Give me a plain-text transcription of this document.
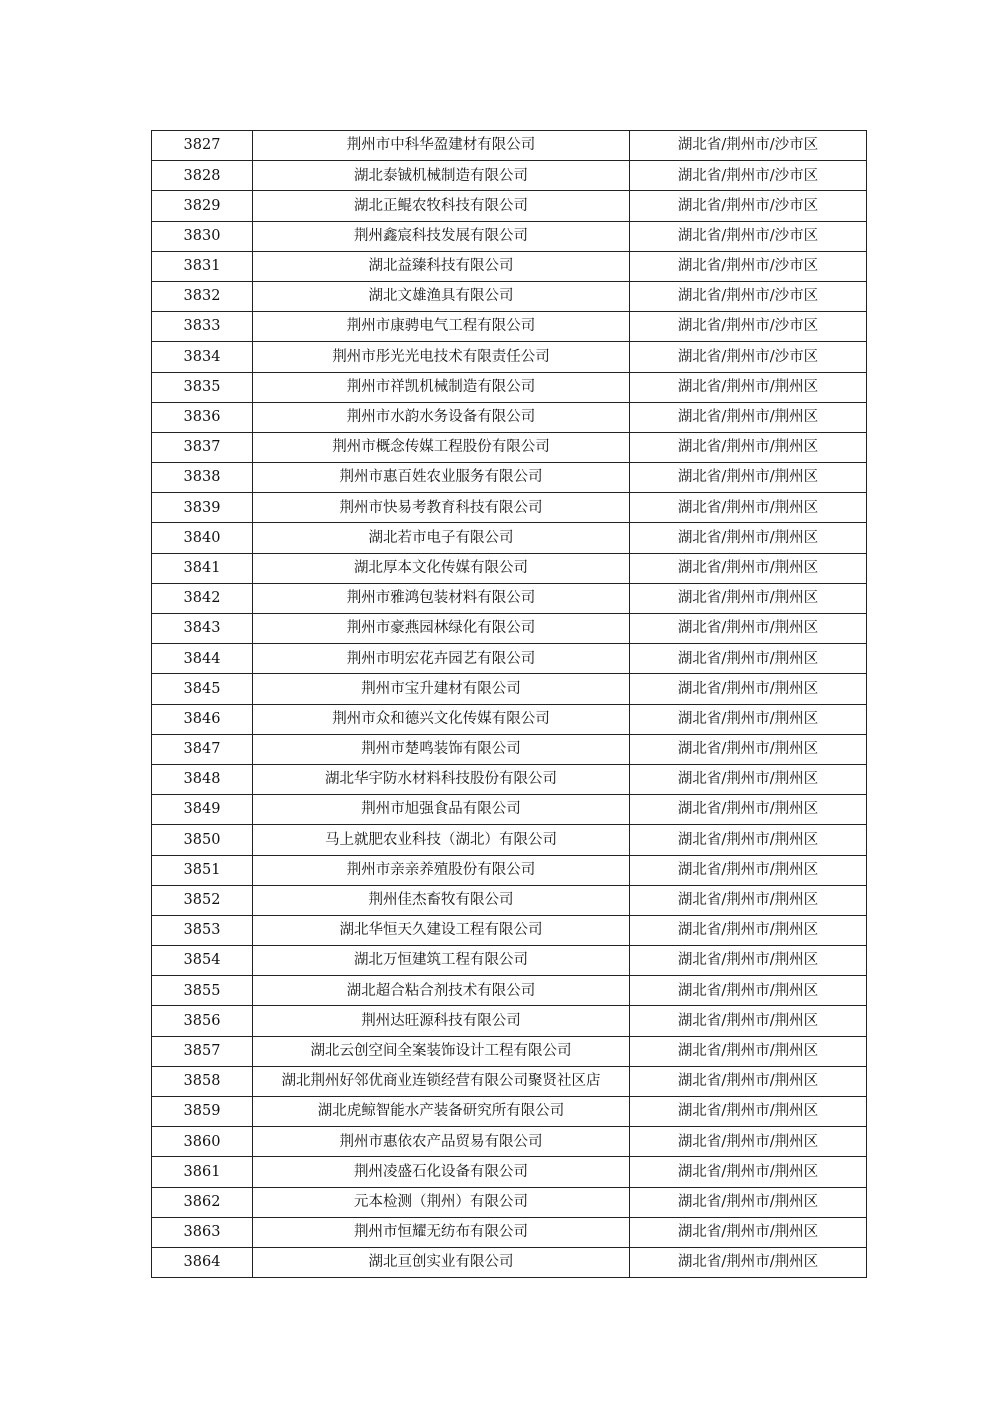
3827	荆州市中科华盈建材有限公司	湖北省/荆州市/沙市区
3828	湖北泰铖机械制造有限公司	湖北省/荆州市/沙市区
3829	湖北正鲲农牧科技有限公司	湖北省/荆州市/沙市区
3830	荆州鑫宸科技发展有限公司	湖北省/荆州市/沙市区
3831	湖北益臻科技有限公司	湖北省/荆州市/沙市区
3832	湖北文雄渔具有限公司	湖北省/荆州市/沙市区
3833	荆州市康骋电气工程有限公司	湖北省/荆州市/沙市区
3834	荆州市彤光光电技术有限责任公司	湖北省/荆州市/沙市区
3835	荆州市祥凯机械制造有限公司	湖北省/荆州市/荆州区
3836	荆州市水韵水务设备有限公司	湖北省/荆州市/荆州区
3837	荆州市概念传媒工程股份有限公司	湖北省/荆州市/荆州区
3838	荆州市惠百姓农业服务有限公司	湖北省/荆州市/荆州区
3839	荆州市快易考教育科技有限公司	湖北省/荆州市/荆州区
3840	湖北若市电子有限公司	湖北省/荆州市/荆州区
3841	湖北厚本文化传媒有限公司	湖北省/荆州市/荆州区
3842	荆州市雅鸿包装材料有限公司	湖北省/荆州市/荆州区
3843	荆州市豪燕园林绿化有限公司	湖北省/荆州市/荆州区
3844	荆州市明宏花卉园艺有限公司	湖北省/荆州市/荆州区
3845	荆州市宝升建材有限公司	湖北省/荆州市/荆州区
3846	荆州市众和德兴文化传媒有限公司	湖北省/荆州市/荆州区
3847	荆州市楚鸣装饰有限公司	湖北省/荆州市/荆州区
3848	湖北华宇防水材料科技股份有限公司	湖北省/荆州市/荆州区
3849	荆州市旭强食品有限公司	湖北省/荆州市/荆州区
3850	马上就肥农业科技（湖北）有限公司	湖北省/荆州市/荆州区
3851	荆州市亲亲养殖股份有限公司	湖北省/荆州市/荆州区
3852	荆州佳杰畜牧有限公司	湖北省/荆州市/荆州区
3853	湖北华恒天久建设工程有限公司	湖北省/荆州市/荆州区
3854	湖北万恒建筑工程有限公司	湖北省/荆州市/荆州区
3855	湖北超合粘合剂技术有限公司	湖北省/荆州市/荆州区
3856	荆州达旺源科技有限公司	湖北省/荆州市/荆州区
3857	湖北云创空间全案装饰设计工程有限公司	湖北省/荆州市/荆州区
3858	湖北荆州好邻优商业连锁经营有限公司聚贤社区店	湖北省/荆州市/荆州区
3859	湖北虎鲸智能水产装备研究所有限公司	湖北省/荆州市/荆州区
3860	荆州市惠依农产品贸易有限公司	湖北省/荆州市/荆州区
3861	荆州凌盛石化设备有限公司	湖北省/荆州市/荆州区
3862	元本检测（荆州）有限公司	湖北省/荆州市/荆州区
3863	荆州市恒耀无纺布有限公司	湖北省/荆州市/荆州区
3864	湖北亘创实业有限公司	湖北省/荆州市/荆州区
